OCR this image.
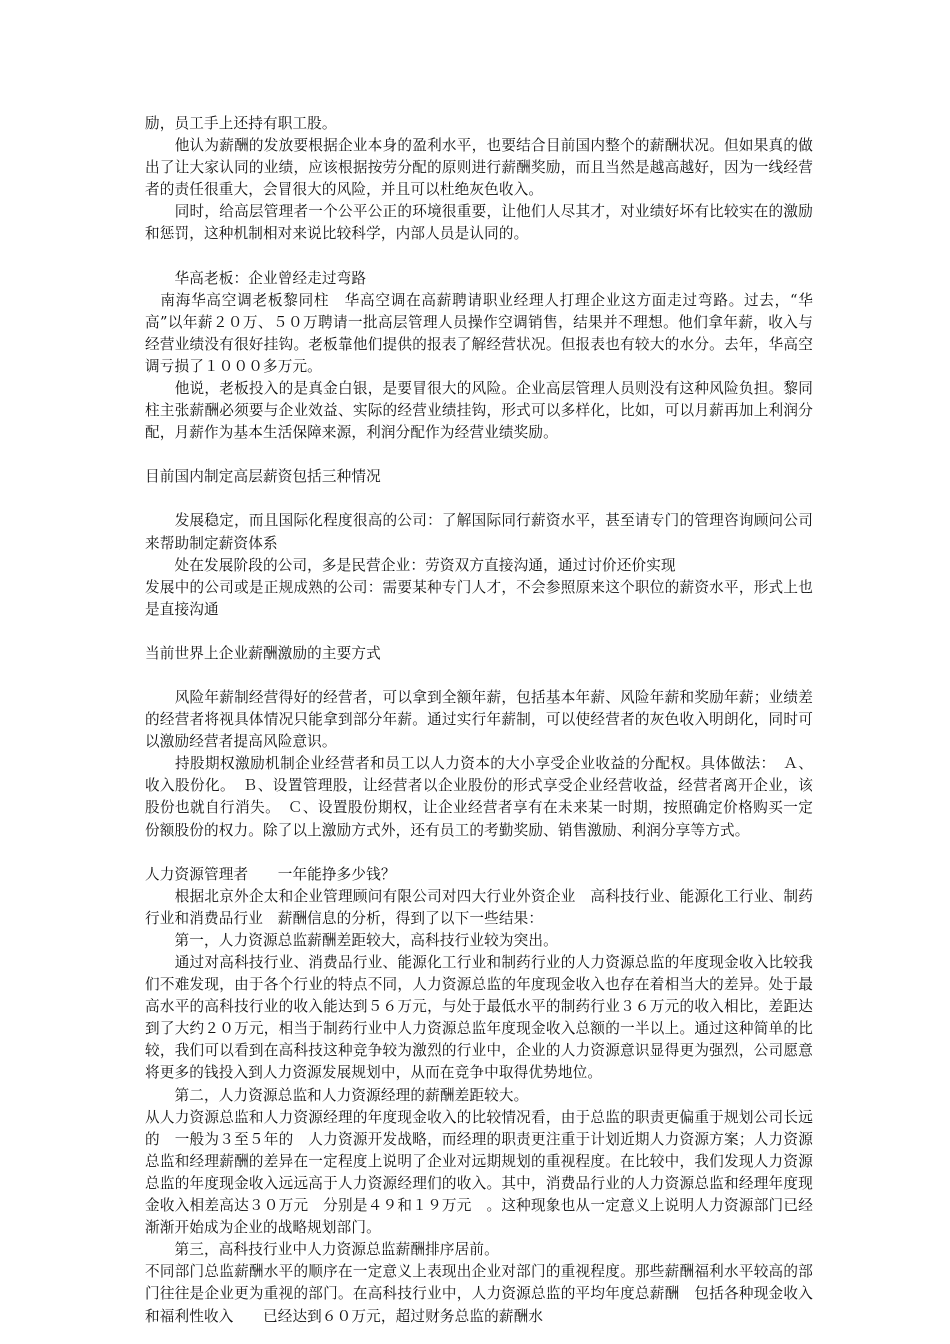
励，员工手上还持有职工股。

　　他认为薪酬的发放要根据企业本身的盈利水平，也要结合目前国内整个的薪酬状况。但如果真的做出了让大家认同的业绩，应该根据按劳分配的原则进行薪酬奖励，而且当然是越高越好，因为一线经营者的责任很重大，会冒很大的风险，并且可以杜绝灰色收入。

　　同时，给高层管理者一个公平公正的环境很重要，让他们人尽其才，对业绩好坏有比较实在的激励和惩罚，这种机制相对来说比较科学，内部人员是认同的。

　　华高老板：企业曾经走过弯路

　南海华高空调老板黎同柱　华高空调在高薪聘请职业经理人打理企业这方面走过弯路。过去，“华高”以年薪２０万、５０万聘请一批高层管理人员操作空调销售，结果并不理想。他们拿年薪，收入与经营业绩没有很好挂钩。老板靠他们提供的报表了解经营状况。但报表也有较大的水分。去年，华高空调亏损了１０００多万元。

　　他说，老板投入的是真金白银，是要冒很大的风险。企业高层管理人员则没有这种风险负担。黎同柱主张薪酬必须要与企业效益、实际的经营业绩挂钩，形式可以多样化，比如，可以月薪再加上利润分配，月薪作为基本生活保障来源，利润分配作为经营业绩奖励。

目前国内制定高层薪资包括三种情况

　　发展稳定，而且国际化程度很高的公司：了解国际同行薪资水平，甚至请专门的管理咨询顾问公司来帮助制定薪资体系

　　处在发展阶段的公司，多是民营企业：劳资双方直接沟通，通过讨价还价实现

发展中的公司或是正规成熟的公司：需要某种专门人才，不会参照原来这个职位的薪资水平，形式上也是直接沟通

当前世界上企业薪酬激励的主要方式

　　风险年薪制经营得好的经营者，可以拿到全额年薪，包括基本年薪、风险年薪和奖励年薪；业绩差的经营者将视具体情况只能拿到部分年薪。通过实行年薪制，可以使经营者的灰色收入明朗化，同时可以激励经营者提高风险意识。

　　持股期权激励机制企业经营者和员工以人力资本的大小享受企业收益的分配权。具体做法：　Ａ、收入股份化。　Ｂ、设置管理股，让经营者以企业股份的形式享受企业经营收益，经营者离开企业，该股份也就自行消失。　Ｃ、设置股份期权，让企业经营者享有在未来某一时期，按照确定价格购买一定份额股份的权力。除了以上激励方式外，还有员工的考勤奖励、销售激励、利润分享等方式。

人力资源管理者　　一年能挣多少钱？

　　根据北京外企太和企业管理顾问有限公司对四大行业外资企业　高科技行业、能源化工行业、制药行业和消费品行业　薪酬信息的分析，得到了以下一些结果：

　　第一，人力资源总监薪酬差距较大，高科技行业较为突出。

　　通过对高科技行业、消费品行业、能源化工行业和制药行业的人力资源总监的年度现金收入比较我们不难发现，由于各个行业的特点不同，人力资源总监的年度现金收入也存在着相当大的差异。处于最高水平的高科技行业的收入能达到５６万元，与处于最低水平的制药行业３６万元的收入相比，差距达到了大约２０万元，相当于制药行业中人力资源总监年度现金收入总额的一半以上。通过这种简单的比较，我们可以看到在高科技这种竞争较为激烈的行业中，企业的人力资源意识显得更为强烈，公司愿意将更多的钱投入到人力资源发展规划中，从而在竞争中取得优势地位。

　　第二，人力资源总监和人力资源经理的薪酬差距较大。

从人力资源总监和人力资源经理的年度现金收入的比较情况看，由于总监的职责更偏重于规划公司长远的　一般为３至５年的　人力资源开发战略，而经理的职责更注重于计划近期人力资源方案；人力资源总监和经理薪酬的差异在一定程度上说明了企业对远期规划的重视程度。在比较中，我们发现人力资源总监的年度现金收入远远高于人力资源经理们的收入。其中，消费品行业的人力资源总监和经理年度现金收入相差高达３０万元　分别是４９和１９万元　。这种现象也从一定意义上说明人力资源部门已经渐渐开始成为企业的战略规划部门。

　　第三，高科技行业中人力资源总监薪酬排序居前。

不同部门总监薪酬水平的顺序在一定意义上表现出企业对部门的重视程度。那些薪酬福利水平较高的部门往往是企业更为重视的部门。在高科技行业中，人力资源总监的平均年度总薪酬　包括各种现金收入和福利性收入　　已经达到６０万元，超过财务总监的薪酬水
